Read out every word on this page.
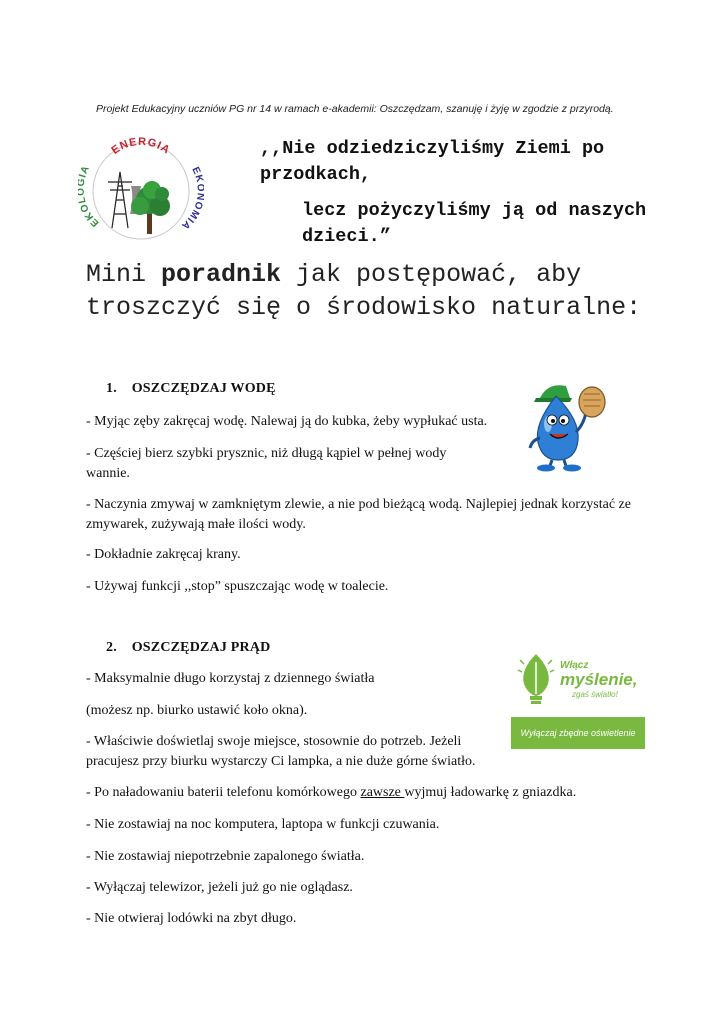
Projekt Edukacyjny uczniów PG nr 14 w ramach e-akademii: Oszczędzam, szanuję i żyję w zgodzie z przyrodą.
ENERGIA
EKO IA	EK OMIA
,,Nie odziedziczyliśmy Ziemi po przodkach,
lecz pożyczyliśmy ją od naszych dzieci.”
Mini poradnik jak postępować, aby troszczyć się o środowisko naturalne:
1.    OSZCZĘDZAJ WODĘ
- Myjąc zęby zakręcaj wodę. Nalewaj ją do kubka, żeby wypłukać usta.
- Częściej bierz szybki prysznic, niż długą kąpiel w pełnej wody wannie.
- Naczynia zmywaj w zamkniętym zlewie, a nie pod bieżącą wodą. Najlepiej jednak korzystać ze zmywarek, zużywają małe ilości wody.
- Dokładnie zakręcaj krany.
- Używaj funkcji ,,stop” spuszczając wodę w toalecie.
Włącz
myślenie,
zgaś światło!
Wyłączaj zbędne oświetlenie
2.    OSZCZĘDZAJ PRĄD
- Maksymalnie długo korzystaj z dziennego światła
(możesz np. biurko ustawić koło okna).
- Właściwie doświetlaj swoje miejsce, stosownie do potrzeb. Jeżeli pracujesz przy biurku wystarczy Ci lampka, a nie duże górne światło.
- Po naładowaniu baterii telefonu komórkowego zawsze wyjmuj ładowarkę z gniazdka.
- Nie zostawiaj na noc komputera, laptopa w funkcji czuwania.
- Nie zostawiaj niepotrzebnie zapalonego światła.
- Wyłączaj telewizor, jeżeli już go nie oglądasz.
- Nie otwieraj lodówki na zbyt długo.
